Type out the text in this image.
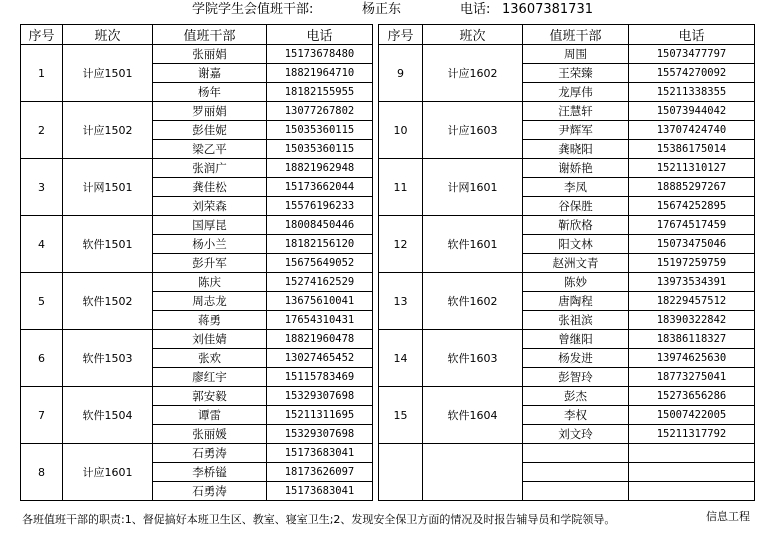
学院学生会值班干部:	杨正东	电话: 13607381731
序号	班次	值班干部	电话
1	计应1501	张丽娟	15173678480
		谢嘉	18821964710
		杨年	18182155955
2	计应1502	罗丽娟	13077267802
		彭佳妮	15035360115
		梁乙平	15035360115
3	计网1501	张润广	18821962948
		龚佳松	15173662044
		刘荣森	15576196233
4	软件1501	国厚昆	18008450446
		杨小兰	18182156120
		彭升军	15675649052
5	软件1502	陈庆	15274162529
		周志龙	13675610041
		蒋勇	17654310431
6	软件1503	刘佳婧	18821960478
		张欢	13027465452
		廖红宇	15115783469
7	软件1504	郭安毅	15329307698
		谭雷	15211311695
		张丽媛	15329307698
8	计应1601	石勇涛	15173683041
		李桥镒	18173626097
		石勇涛	15173683041
序号	班次	值班干部	电话
9	计应1602	周围	15073477797
		王荣臻	15574270092
		龙厚伟	15211338355
10	计应1603	汪慧轩	15073944042
		尹辉军	13707424740
		龚晓阳	15386175014
11	计网1601	谢娇艳	15211310127
		李凤	18885297267
		谷保胜	15674252895
12	软件1601	靳欣格	17674517459
		阳文林	15073475046
		赵洲文青	15197259759
13	软件1602	陈妙	13973534391
		唐陶程	18229457512
		张祖滨	18390322842
14	软件1603	曾继阳	18386118327
		杨发进	13974625630
		彭智玲	18773275041
15	软件1604	彭杰	15273656286
		李权	15007422005
		刘文玲	15211317792

各班值班干部的职责:1、督促搞好本班卫生区、教室、寝室卫生;2、发现安全保卫方面的情况及时报告辅导员和学院领导。	信息工程
